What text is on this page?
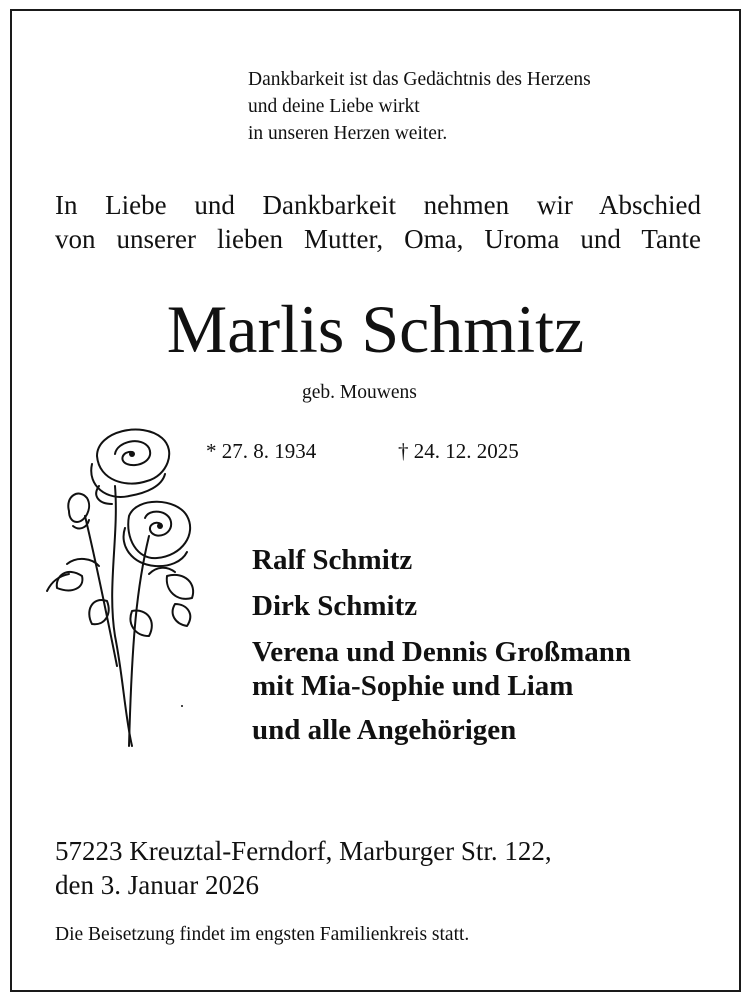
Dankbarkeit ist das Gedächtnis des Herzens
und deine Liebe wirkt
in unseren Herzen weiter.
In Liebe und Dankbarkeit nehmen wir Abschied
von unserer lieben Mutter, Oma, Uroma und Tante
Marlis Schmitz
geb. Mouwens
* 27. 8. 1934	† 24. 12. 2025
Ralf Schmitz
Dirk Schmitz
Verena und Dennis Großmann
mit Mia-Sophie und Liam
und alle Angehörigen
57223 Kreuztal-Ferndorf, Marburger Str. 122,
den 3. Januar 2026
Die Beisetzung findet im engsten Familienkreis statt.
